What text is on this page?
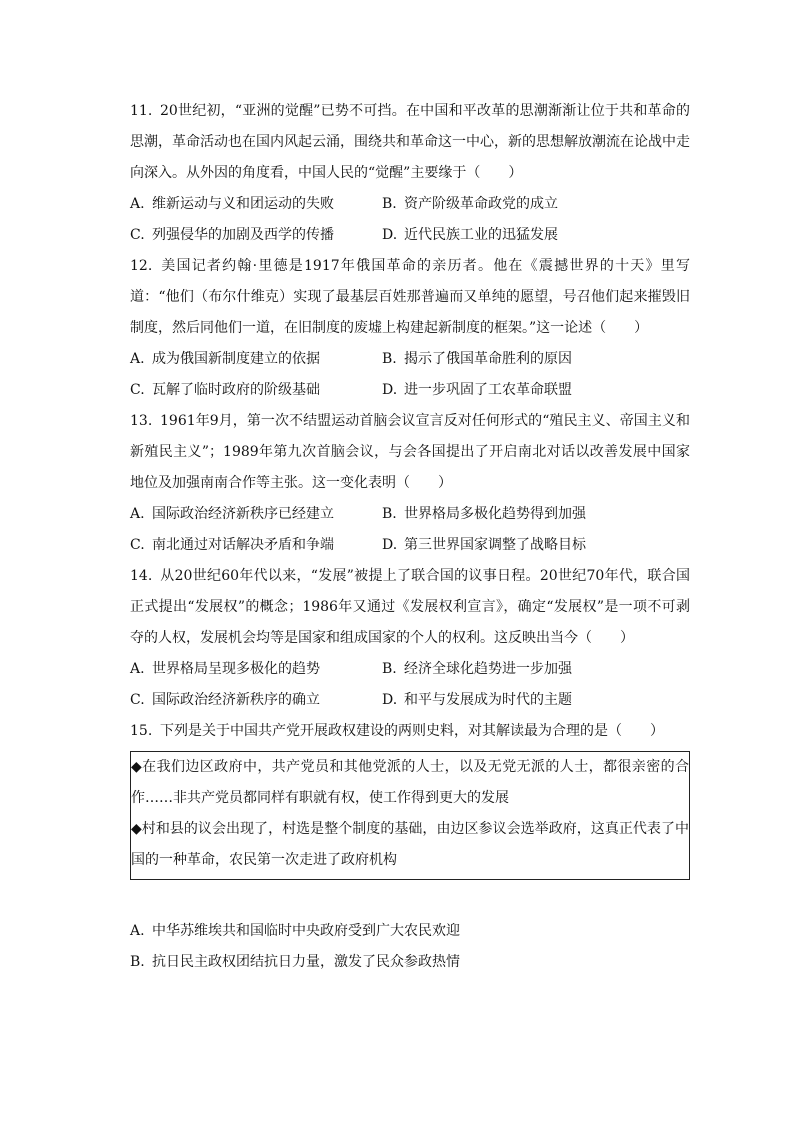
11. 20世纪初，“亚洲的觉醒”已势不可挡。在中国和平改革的思潮渐渐让位于共和革命的思潮，革命活动也在国内风起云涌，围绕共和革命这一中心，新的思想解放潮流在论战中走向深入。从外因的角度看，中国人民的“觉醒”主要缘于（　　）

A. 维新运动与义和团运动的失败	B. 资产阶级革命政党的成立
C. 列强侵华的加剧及西学的传播	D. 近代民族工业的迅猛发展

12. 美国记者约翰·里德是1917年俄国革命的亲历者。他在《震撼世界的十天》里写道：“他们（布尔什维克）实现了最基层百姓那普遍而又单纯的愿望，号召他们起来摧毁旧制度，然后同他们一道，在旧制度的废墟上构建起新制度的框架。”这一论述（　　）

A. 成为俄国新制度建立的依据	B. 揭示了俄国革命胜利的原因
C. 瓦解了临时政府的阶级基础	D. 进一步巩固了工农革命联盟

13. 1961年9月，第一次不结盟运动首脑会议宣言反对任何形式的“殖民主义、帝国主义和新殖民主义”；1989年第九次首脑会议，与会各国提出了开启南北对话以改善发展中国家地位及加强南南合作等主张。这一变化表明（　　）

A. 国际政治经济新秩序已经建立	B. 世界格局多极化趋势得到加强
C. 南北通过对话解决矛盾和争端	D. 第三世界国家调整了战略目标

14. 从20世纪60年代以来，“发展”被提上了联合国的议事日程。20世纪70年代，联合国正式提出“发展权”的概念；1986年又通过《发展权利宣言》，确定“发展权”是一项不可剥夺的人权，发展机会均等是国家和组成国家的个人的权利。这反映出当今（　　）

A. 世界格局呈现多极化的趋势	B. 经济全球化趋势进一步加强
C. 国际政治经济新秩序的确立	D. 和平与发展成为时代的主题

15. 下列是关于中国共产党开展政权建设的两则史料，对其解读最为合理的是（　　）

◆在我们边区政府中，共产党员和其他党派的人士，以及无党无派的人士，都很亲密的合作……非共产党员都同样有职就有权，使工作得到更大的发展

◆村和县的议会出现了，村选是整个制度的基础，由边区参议会选举政府，这真正代表了中国的一种革命，农民第一次走进了政府机构

A. 中华苏维埃共和国临时中央政府受到广大农民欢迎
B. 抗日民主政权团结抗日力量，激发了民众参政热情
